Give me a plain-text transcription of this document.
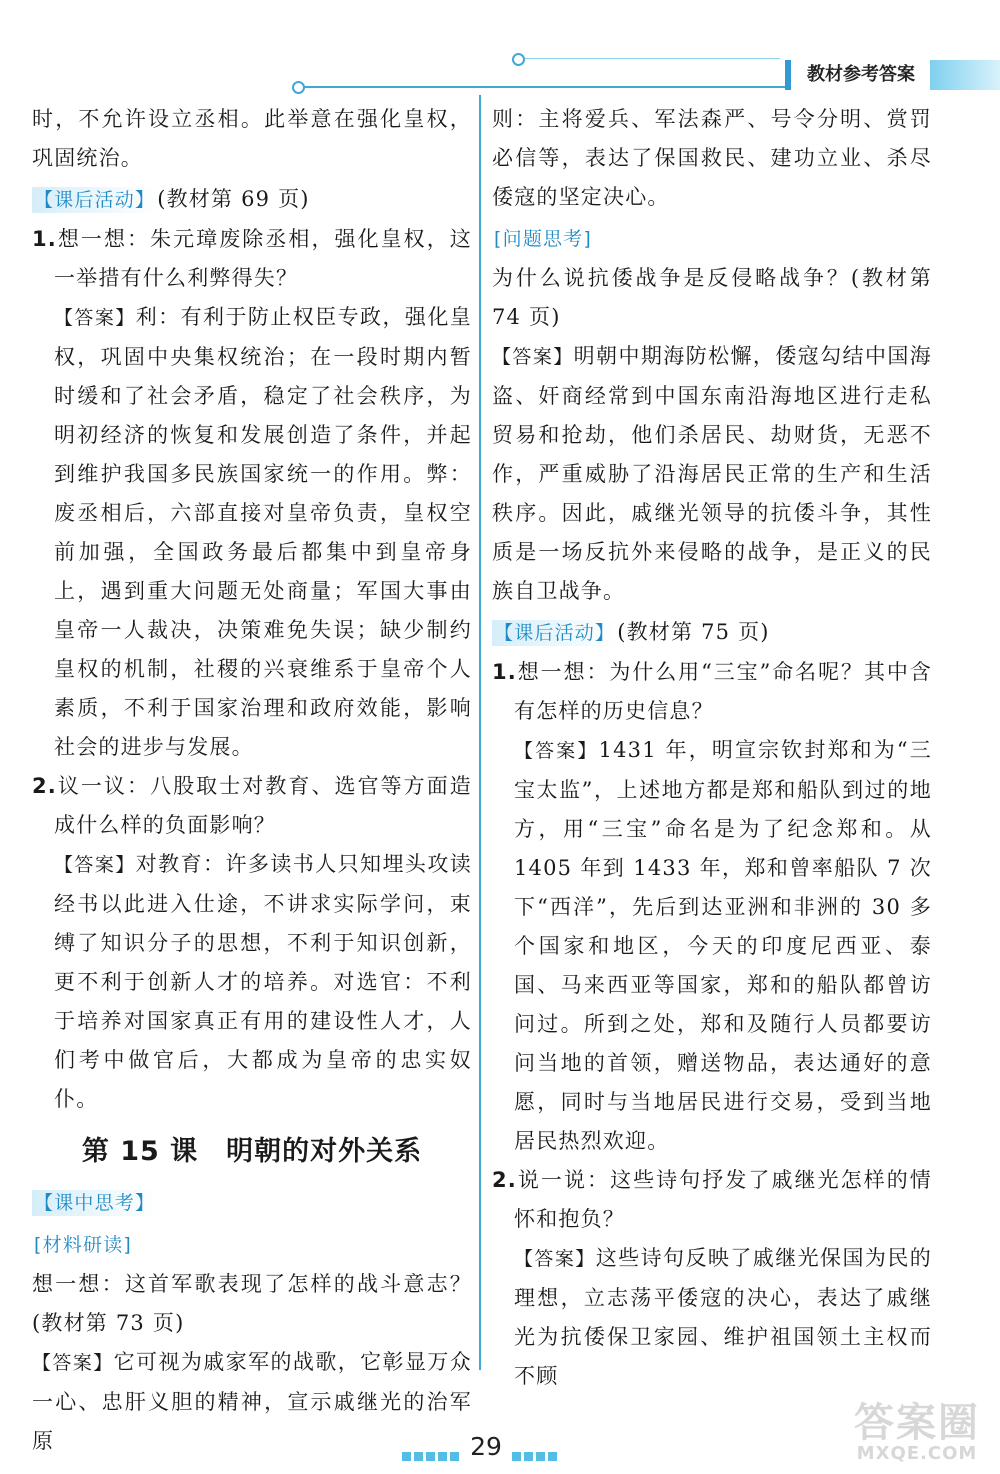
教材参考答案

时，不允许设立丞相。此举意在强化皇权，巩固统治。

【课后活动】(教材第 69 页)

1.想一想：朱元璋废除丞相，强化皇权，这一举措有什么利弊得失？

【答案】利：有利于防止权臣专政，强化皇权，巩固中央集权统治；在一段时期内暂时缓和了社会矛盾，稳定了社会秩序，为明初经济的恢复和发展创造了条件，并起到维护我国多民族国家统一的作用。弊：废丞相后，六部直接对皇帝负责，皇权空前加强，全国政务最后都集中到皇帝身上，遇到重大问题无处商量；军国大事由皇帝一人裁决，决策难免失误；缺少制约皇权的机制，社稷的兴衰维系于皇帝个人素质，不利于国家治理和政府效能，影响社会的进步与发展。

2.议一议：八股取士对教育、选官等方面造成什么样的负面影响？

【答案】对教育：许多读书人只知埋头攻读经书以此进入仕途，不讲求实际学问，束缚了知识分子的思想，不利于知识创新，更不利于创新人才的培养。对选官：不利于培养对国家真正有用的建设性人才，人们考中做官后，大都成为皇帝的忠实奴仆。

第 15 课　明朝的对外关系

【课中思考】

[材料研读]

想一想：这首军歌表现了怎样的战斗意志？(教材第 73 页)

【答案】它可视为戚家军的战歌，它彰显万众一心、忠肝义胆的精神，宣示戚继光的治军原

则：主将爱兵、军法森严、号令分明、赏罚必信等，表达了保国救民、建功立业、杀尽倭寇的坚定决心。

[问题思考]

为什么说抗倭战争是反侵略战争？(教材第 74 页)

【答案】明朝中期海防松懈，倭寇勾结中国海盗、奸商经常到中国东南沿海地区进行走私贸易和抢劫，他们杀居民、劫财货，无恶不作，严重威胁了沿海居民正常的生产和生活秩序。因此，戚继光领导的抗倭斗争，其性质是一场反抗外来侵略的战争，是正义的民族自卫战争。

【课后活动】(教材第 75 页)

1.想一想：为什么用“三宝”命名呢？其中含有怎样的历史信息？

【答案】1431 年，明宣宗钦封郑和为“三宝太监”，上述地方都是郑和船队到过的地方，用“三宝”命名是为了纪念郑和。从 1405 年到 1433 年，郑和曾率船队 7 次下“西洋”，先后到达亚洲和非洲的 30 多个国家和地区，今天的印度尼西亚、泰国、马来西亚等国家，郑和的船队都曾访问过。所到之处，郑和及随行人员都要访问当地的首领，赠送物品，表达通好的意愿，同时与当地居民进行交易，受到当地居民热烈欢迎。

2.说一说：这些诗句抒发了戚继光怎样的情怀和抱负？

【答案】这些诗句反映了戚继光保国为民的理想，立志荡平倭寇的决心，表达了戚继光为抗倭保卫家园、维护祖国领土主权而不顾

29
答案圈
MXQE.COM
